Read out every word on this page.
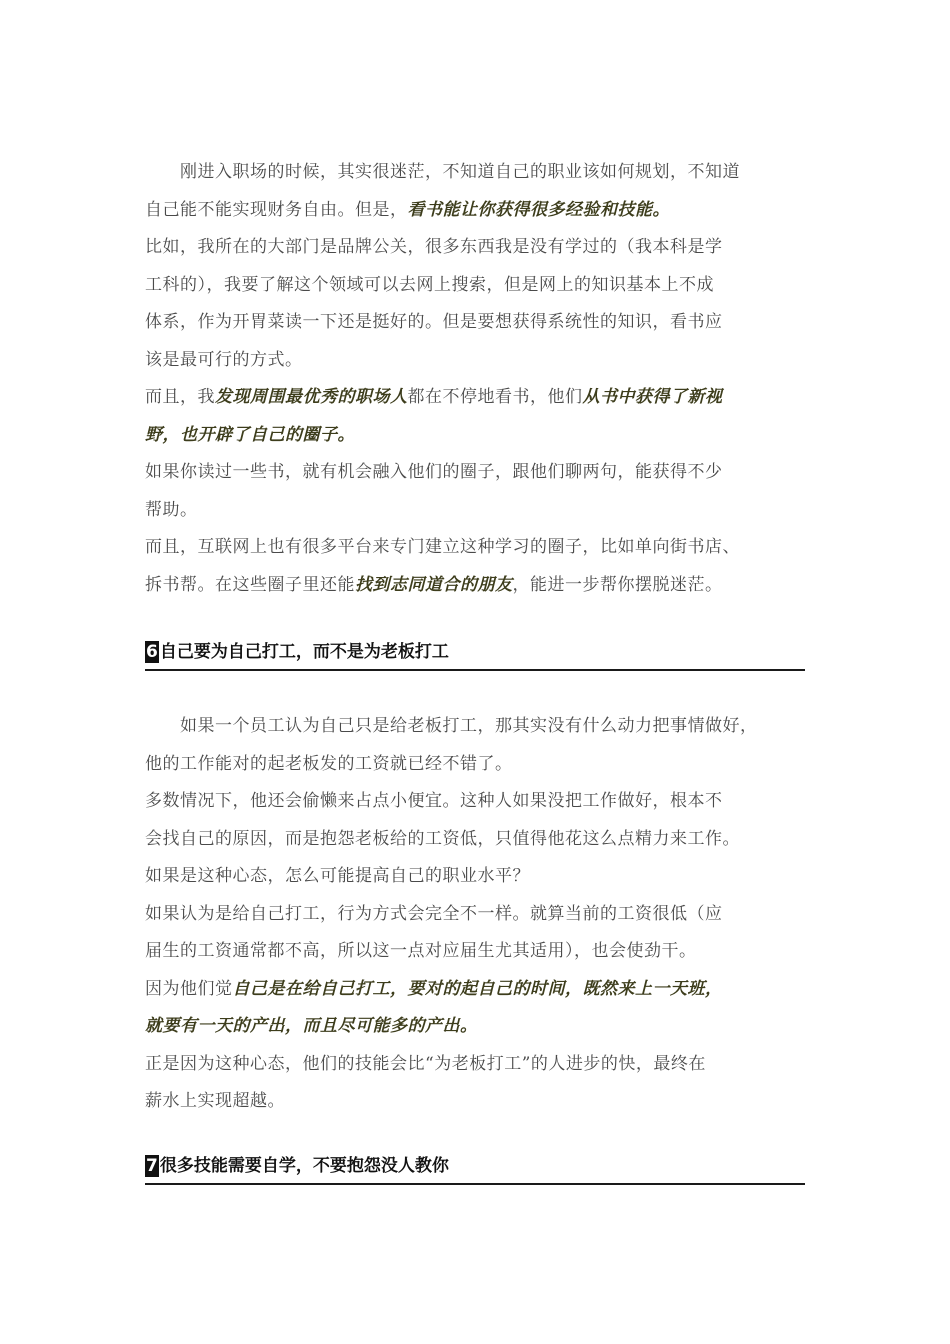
刚进入职场的时候，其实很迷茫，不知道自己的职业该如何规划，不知道
自己能不能实现财务自由。但是，看书能让你获得很多经验和技能。
比如，我所在的大部门是品牌公关，很多东西我是没有学过的（我本科是学
工科的），我要了解这个领域可以去网上搜索，但是网上的知识基本上不成
体系，作为开胃菜读一下还是挺好的。但是要想获得系统性的知识，看书应
该是最可行的方式。
而且，我发现周围最优秀的职场人都在不停地看书，他们从书中获得了新视
野，也开辟了自己的圈子。
如果你读过一些书，就有机会融入他们的圈子，跟他们聊两句，能获得不少
帮助。
而且，互联网上也有很多平台来专门建立这种学习的圈子，比如单向街书店、
拆书帮。在这些圈子里还能找到志同道合的朋友，能进一步帮你摆脱迷茫。
6 自己要为自己打工，而不是为老板打工
如果一个员工认为自己只是给老板打工，那其实没有什么动力把事情做好，
他的工作能对的起老板发的工资就已经不错了。
多数情况下，他还会偷懒来占点小便宜。这种人如果没把工作做好，根本不
会找自己的原因，而是抱怨老板给的工资低，只值得他花这么点精力来工作。
如果是这种心态，怎么可能提高自己的职业水平？
如果认为是给自己打工，行为方式会完全不一样。就算当前的工资很低（应
届生的工资通常都不高，所以这一点对应届生尤其适用），也会使劲干。
因为他们觉自己是在给自己打工，要对的起自己的时间，既然来上一天班，
就要有一天的产出，而且尽可能多的产出。
正是因为这种心态，他们的技能会比“为老板打工”的人进步的快，最终在
薪水上实现超越。
7 很多技能需要自学，不要抱怨没人教你
